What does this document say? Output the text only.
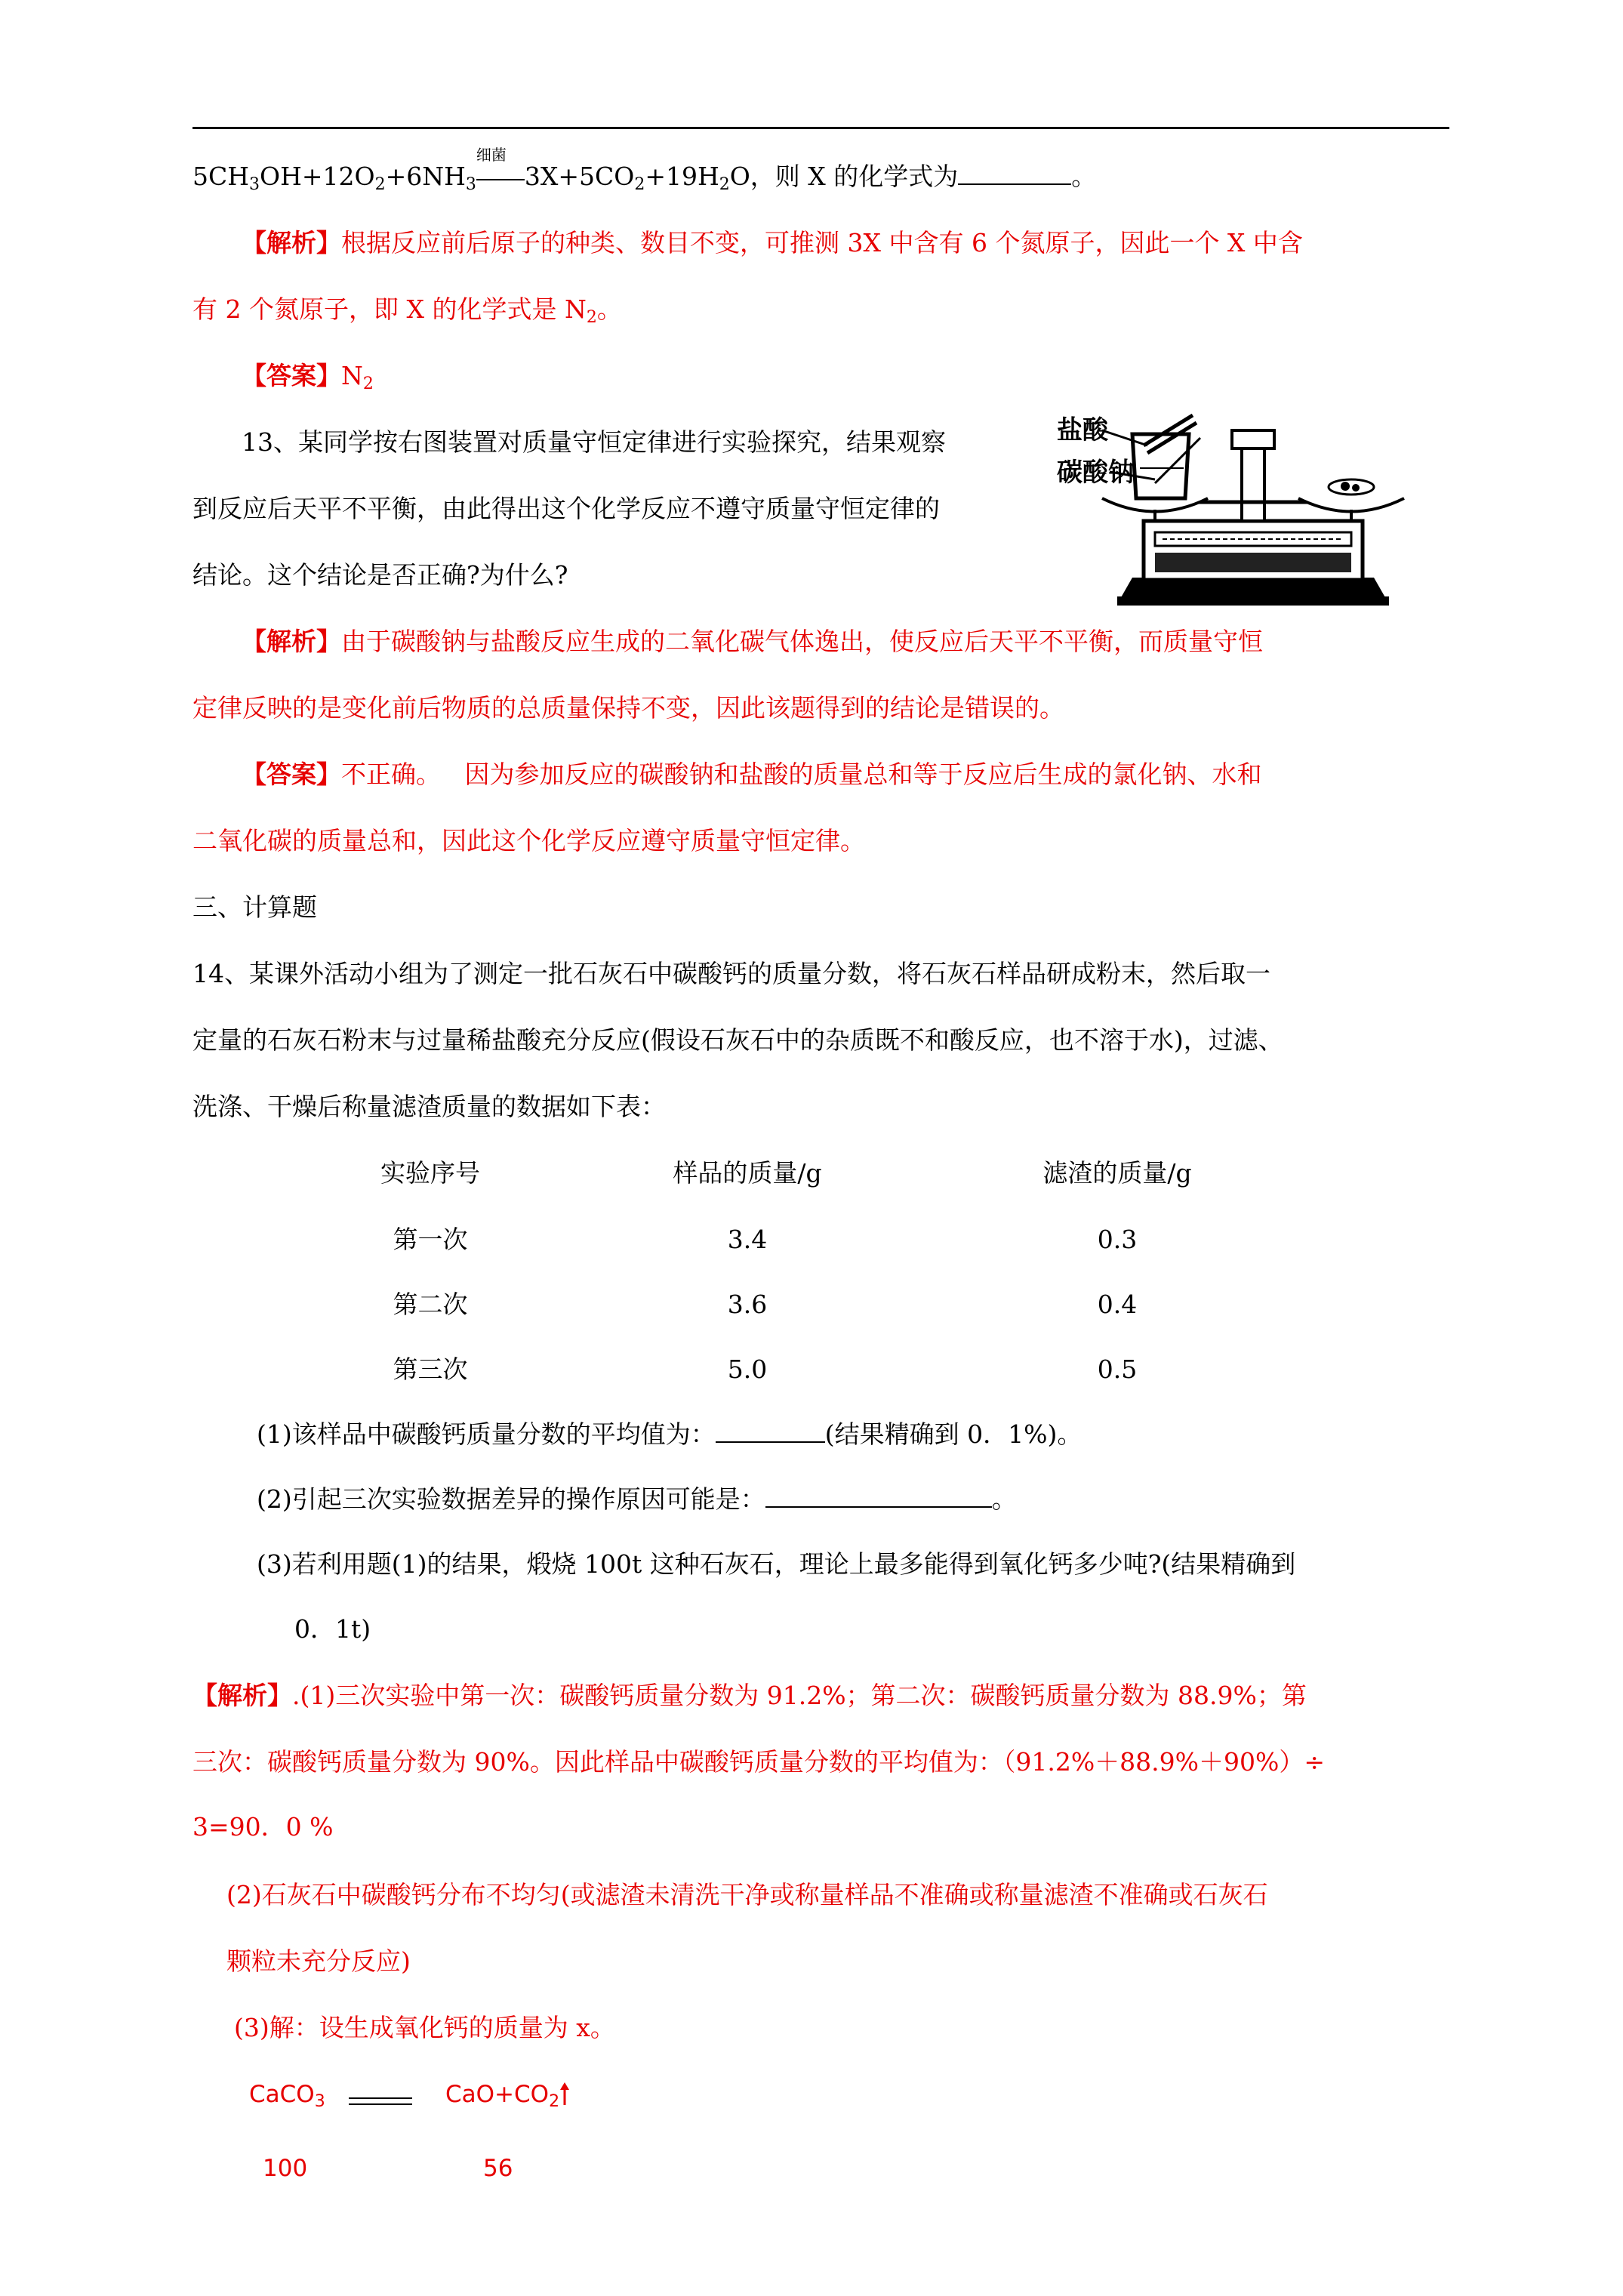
$5CH_3OH+12O_2+6NH_3$
细菌
$3X+5CO_2+19H_2O$，则 X 的化学式为	。
【解析】根据反应前后原子的种类、数目不变，可推测 3X 中含有 6 个氮原子，因此一个 X 中含
有 2 个氮原子，即 X 的化学式是 $N_2$。
【答案】$N_2$
13、某同学按右图装置对质量守恒定律进行实验探究，结果观察
到反应后天平不平衡，由此得出这个化学反应不遵守质量守恒定律的
结论。这个结论是否正确?为什么?
盐酸
碳酸钠
【解析】由于碳酸钠与盐酸反应生成的二氧化碳气体逸出，使反应后天平不平衡，而质量守恒
定律反映的是变化前后物质的总质量保持不变，因此该题得到的结论是错误的。
【答案】不正确。   因为参加反应的碳酸钠和盐酸的质量总和等于反应后生成的氯化钠、水和
二氧化碳的质量总和，因此这个化学反应遵守质量守恒定律。
三、计算题
14、某课外活动小组为了测定一批石灰石中碳酸钙的质量分数，将石灰石样品研成粉末，然后取一
定量的石灰石粉末与过量稀盐酸充分反应(假设石灰石中的杂质既不和酸反应，也不溶于水)，过滤、
洗涤、干燥后称量滤渣质量的数据如下表：
实验序号	样品的质量/g	滤渣的质量/g
第一次	3.4	0.3
第二次	3.6	0.4
第三次	5.0	0.5
(1)该样品中碳酸钙质量分数的平均值为：	(结果精确到 0．1%)。
(2)引起三次实验数据差异的操作原因可能是：	。
(3)若利用题(1)的结果，煅烧 100t 这种石灰石，理论上最多能得到氧化钙多少吨?(结果精确到
0．1t)
【解析】.(1)三次实验中第一次：碳酸钙质量分数为 91.2%；第二次：碳酸钙质量分数为 88.9%；第
三次：碳酸钙质量分数为 90%。因此样品中碳酸钙质量分数的平均值为：（91.2%＋88.9%＋90%）÷
3=90．0 %
(2)石灰石中碳酸钙分布不均匀(或滤渣未清洗干净或称量样品不准确或称量滤渣不准确或石灰石
颗粒未充分反应)
(3)解：设生成氧化钙的质量为 x。
CaCO$_3$	$CaO+CO_2$
100	56
